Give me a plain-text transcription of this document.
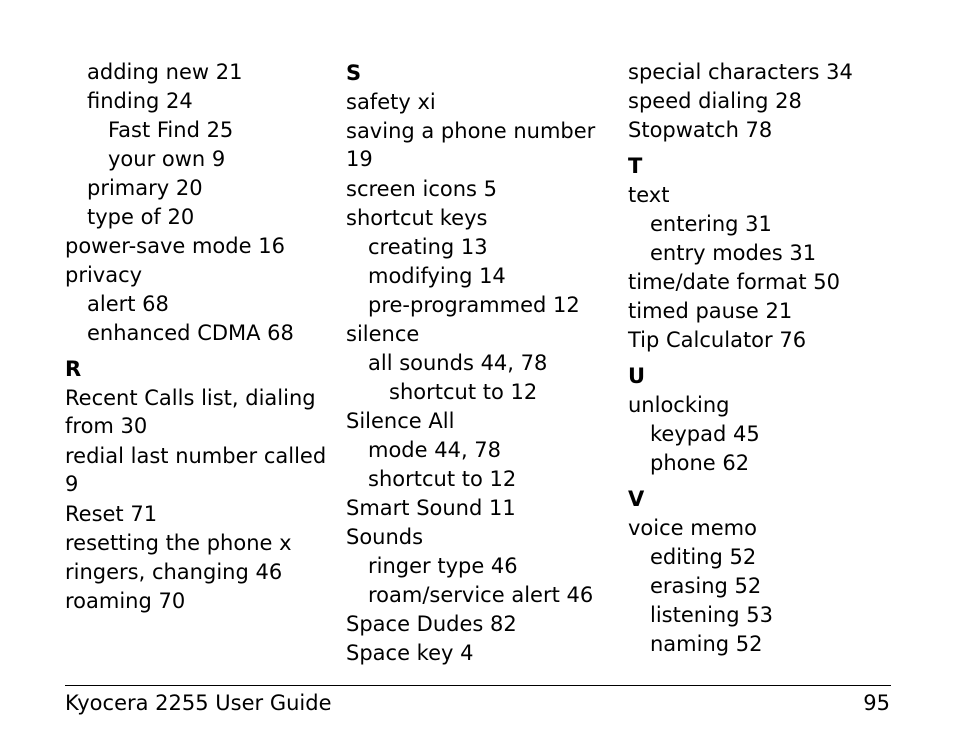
adding new 21
finding 24
Fast Find 25
your own 9
primary 20
type of 20
power-save mode 16
privacy
alert 68
enhanced CDMA 68
R
Recent Calls list, dialing from 30
redial last number called 9
Reset 71
resetting the phone x
ringers, changing 46
roaming 70
S
safety xi
saving a phone number 19
screen icons 5
shortcut keys
creating 13
modifying 14
pre-programmed 12
silence
all sounds 44, 78
shortcut to 12
Silence All
mode 44, 78
shortcut to 12
Smart Sound 11
Sounds
ringer type 46
roam/service alert 46
Space Dudes 82
Space key 4
special characters 34
speed dialing 28
Stopwatch 78
T
text
entering 31
entry modes 31
time/date format 50
timed pause 21
Tip Calculator 76
U
unlocking
keypad 45
phone 62
V
voice memo
editing 52
erasing 52
listening 53
naming 52
Kyocera 2255 User Guide	95
